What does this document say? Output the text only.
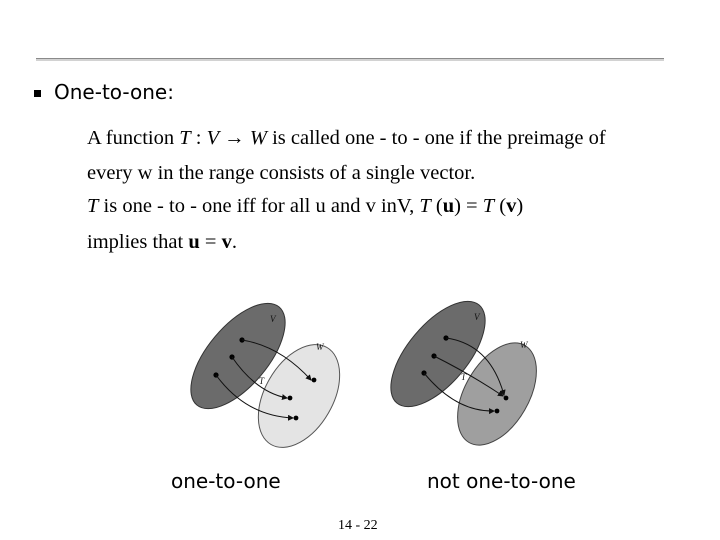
One-to-one:
A function T : V → W is called one - to - one if the preimage of
every w in the range consists of a single vector.
T is one - to - one iff for all u and v inV, T (u) = T (v)
implies that u = v.
V
W
T
V
W
T

one-to-one	not one-to-one

14 - 22
